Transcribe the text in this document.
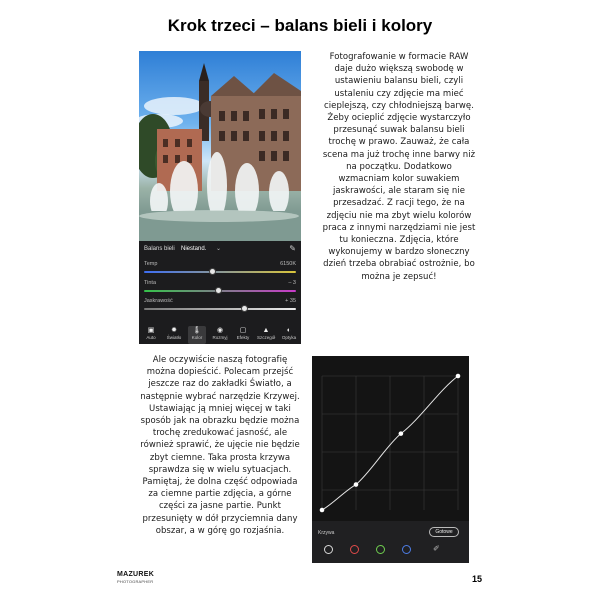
Krok trzeci – balans bieli i kolory
Balans bieli Niestand. ⌄	✎
Temp	6150K
Tinta	– 3
Jaskrawość	+ 35
▣
Auto
✹
Światło
🌡
Kolor
◉
Rozmyj
▢
Efekty
▲
Szczegół
◐
Optyka
Fotografowanie w formacie RAW daje dużo większą swobodę w ustawieniu balansu bieli, czyli ustaleniu czy zdjęcie ma mieć cieplejszą, czy chłodniejszą barwę. Żeby ocieplić zdjęcie wystarczyło przesunąć suwak balansu bieli trochę w prawo. Zauważ, że cała scena ma już trochę inne barwy niż na początku. Dodatkowo wzmacniam kolor suwakiem jaskrawości, ale staram się nie przesadzać. Z racji tego, że na zdjęciu nie ma zbyt wielu kolorów praca z innymi narzędziami nie jest tu konieczna. Zdjęcia, które wykonujemy w bardzo słoneczny dzień trzeba obrabiać ostrożnie, bo można je zepsuć!
Ale oczywiście naszą fotografię można dopieścić. Polecam przejść jeszcze raz do zakładki Światło, a następnie wybrać narzędzie Krzywej. Ustawiając ją mniej więcej w taki sposób jak na obrazku będzie można trochę zredukować jasność, ale również sprawić, że ujęcie nie będzie zbyt ciemne. Taka prosta krzywa sprawdza się w wielu sytuacjach. Pamiętaj, że dolna część odpowiada za ciemne partie zdjęcia, a górne części za jasne partie. Punkt przesunięty w dół przyciemnia dany obszar, a w górę go rozjaśnia.	Krzywa	Gotowe
✐
MAZUREK
PHOTOGRAPHER	15
